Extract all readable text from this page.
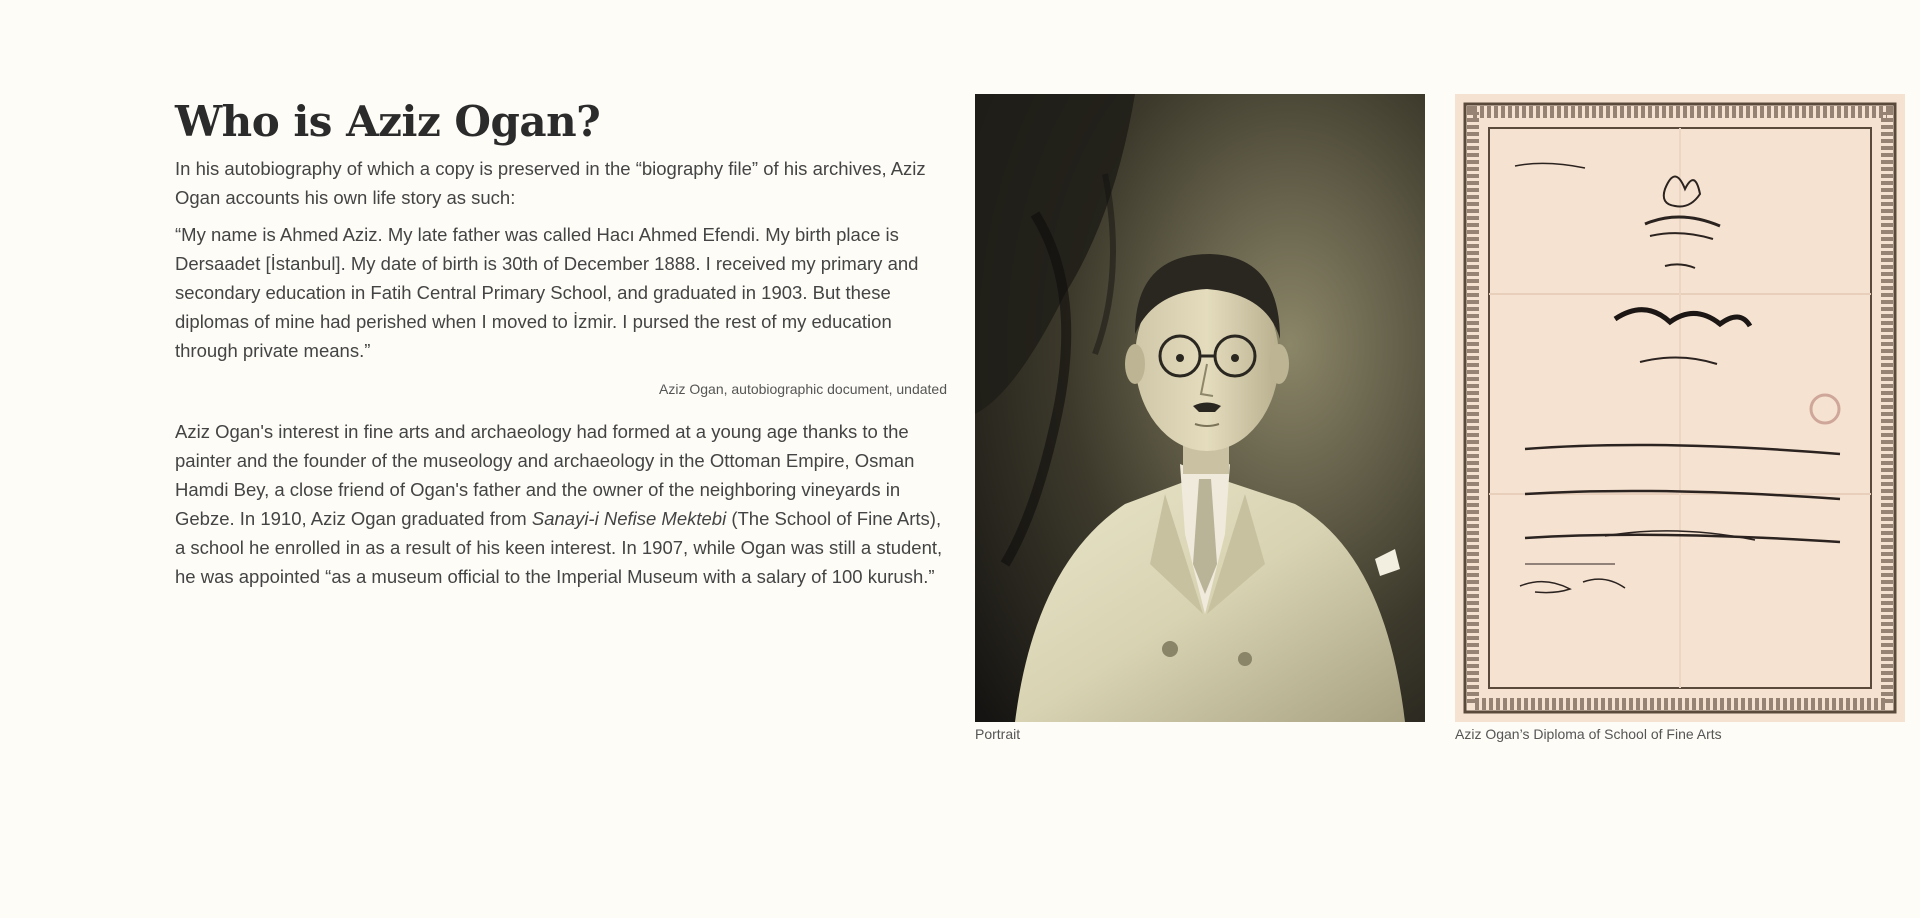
Who is Aziz Ogan?

In his autobiography of which a copy is preserved in the “biography file” of his archives, Aziz Ogan accounts his own life story as such:

“My name is Ahmed Aziz. My late father was called Hacı Ahmed Efendi. My birth place is Dersaadet [İstanbul]. My date of birth is 30th of December 1888. I received my primary and secondary education in Fatih Central Primary School, and graduated in 1903. But these diplomas of mine had perished when I moved to İzmir. I pursed the rest of my education through private means.”

Aziz Ogan, autobiographic document, undated

Aziz Ogan's interest in fine arts and archaeology had formed at a young age thanks to the painter and the founder of the museology and archaeology in the Ottoman Empire, Osman Hamdi Bey, a close friend of Ogan's father and the owner of the neighboring vineyards in Gebze. In 1910, Aziz Ogan graduated from Sanayi-i Nefise Mektebi (The School of Fine Arts), a school he enrolled in as a result of his keen interest. In 1907, while Ogan was still a student, he was appointed “as a museum official to the Imperial Museum with a salary of 100 kurush.”

Portrait	Aziz Ogan’s Diploma of School of Fine Arts
